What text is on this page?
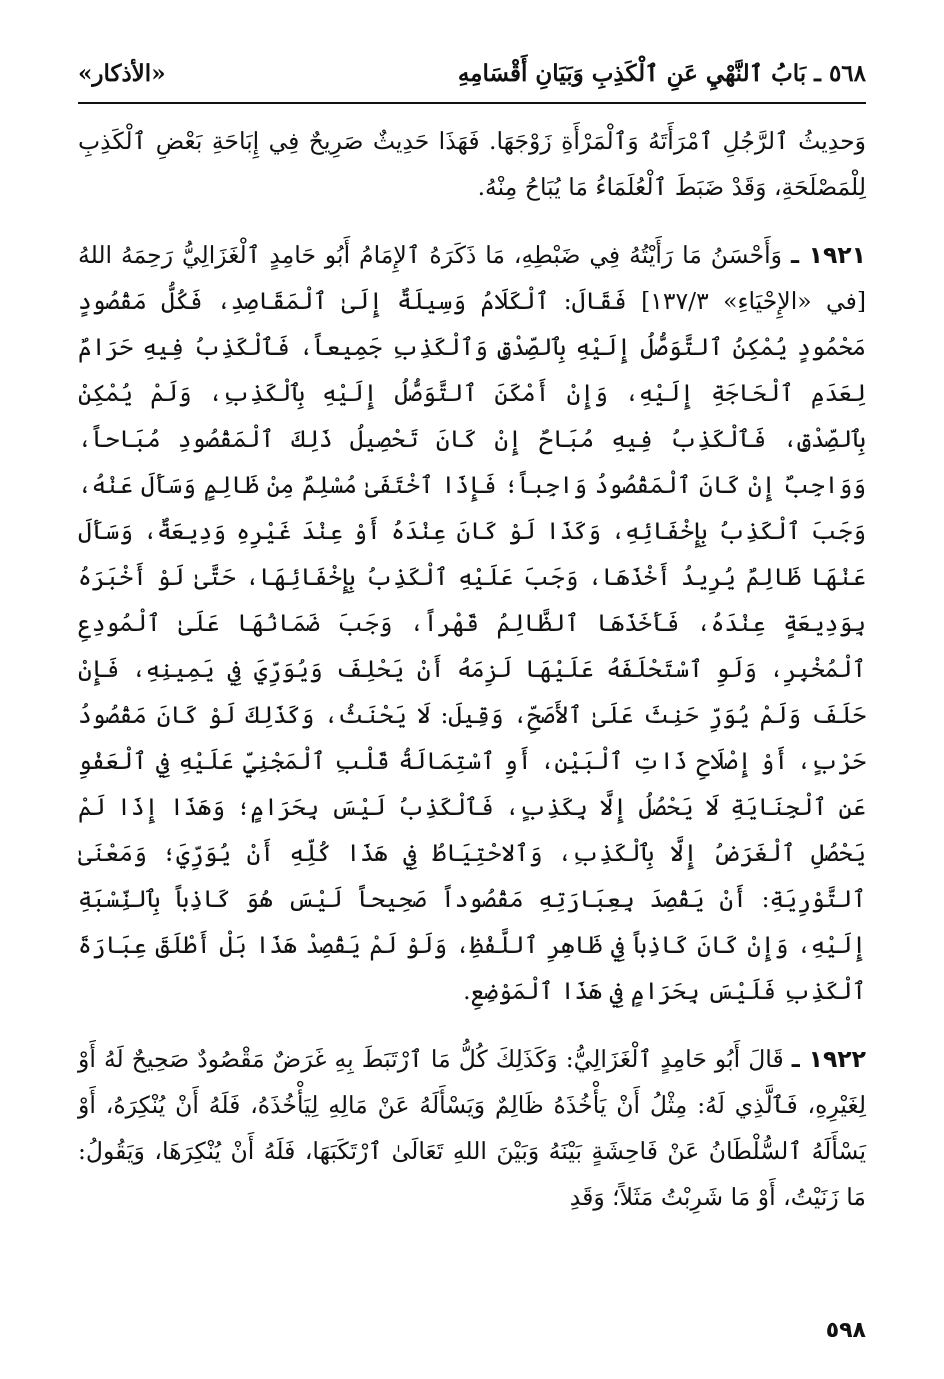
٥٦٨ ـ بَابُ ٱلنَّهْيِ عَنِ ٱلْكَذِبِ وَبَيَانِ أَقْسَامِهِ
«الأذكار»

وَحدِيثُ ٱلرَّجُلِ ٱمْرَأَتَهُ وَٱلْمَرْأَةِ زَوْجَهَا. فَهَذَا حَدِيثٌ صَرِيحٌ فِي إِبَاحَةِ بَعْضِ ٱلْكَذِبِ لِلْمَصْلَحَةِ، وَقَدْ ضَبَطَ ٱلْعُلَمَاءُ مَا يُبَاحُ مِنْهُ.

١٩٢١ ـ وَأَحْسَنُ مَا رَأَيْتُهُ فِي ضَبْطِهِ، مَا ذَكَرَهُ ٱلإِمَامُ أَبُو حَامِدٍ ٱلْغَزَالِيُّ رَحِمَهُ اللهُ [في «الإِحْيَاءِ» ١٣٧/٣] فَقَالَ: ٱلْكَلَامُ وَسِيلَةٌ إِلَىٰ ٱلْمَقَاصِدِ، فَكُلُّ مَقْصُودٍ مَحْمُودٍ يُمْكِنُ ٱلتَّوَصُّلُ إِلَيْهِ بِٱلصِّدْقِ وَٱلْكَذِبِ جَمِيعاً، فَٱلْكَذِبُ فِيهِ حَرَامٌ لِعَدَمِ ٱلْحَاجَةِ إِلَيْهِ، وَإِنْ أَمْكَنَ ٱلتَّوَصُّلُ إِلَيْهِ بِٱلْكَذِبِ، وَلَمْ يُمْكِنْ بِٱلصِّدْقِ، فَٱلْكَذِبُ فِيهِ مُبَاحٌ إِنْ كَانَ تَحْصِيلُ ذَلِكَ ٱلْمَقْصُودِ مُبَاحاً، وَوَاجِبٌ إِنْ كَانَ ٱلْمَقْصُودُ وَاجِباً؛ فَإِذَا ٱخْتَفَىٰ مُسْلِمٌ مِنْ ظَالِمٍ وَسَأَلَ عَنْهُ، وَجَبَ ٱلْكَذِبُ بِإِخْفَائِهِ، وَكَذَا لَوْ كَانَ عِنْدَهُ أَوْ عِنْدَ غَيْرِهِ وَدِيعَةٌ، وَسَأَلَ عَنْهَا ظَالِمٌ يُرِيدُ أَخْذَهَا، وَجَبَ عَلَيْهِ ٱلْكَذِبُ بِإِخْفَائِهَا، حَتَّىٰ لَوْ أَخْبَرَهُ بِوَدِيعَةٍ عِنْدَهُ، فَأَخَذَهَا ٱلظَّالِمُ قَهْراً، وَجَبَ ضَمَانُهَا عَلَىٰ ٱلْمُودِعِ ٱلْمُخْبِرِ، وَلَوِ ٱسْتَحْلَفَهُ عَلَيْهَا لَزِمَهُ أَنْ يَحْلِفَ وَيُوَرِّيَ فِي يَمِينِهِ، فَإِنْ حَلَفَ وَلَمْ يُوَرِّ حَنِثَ عَلَىٰ ٱلأَصَحِّ، وَقِيلَ: لَا يَحْنَثُ، وَكَذَلِكَ لَوْ كَانَ مَقْصُودُ حَرْبٍ، أَوْ إِصْلَاحِ ذَاتِ ٱلْبَيْنِ، أَوِ ٱسْتِمَالَةُ قَلْبِ ٱلْمَجْنِيِّ عَلَيْهِ فِي ٱلْعَفْوِ عَنِ ٱلْجِنَايَةِ لَا يَحْصُلُ إِلَّا بِكَذِبٍ، فَٱلْكَذِبُ لَيْسَ بِحَرَامٍ؛ وَهَذَا إِذَا لَمْ يَحْصُلِ ٱلْغَرَضُ إِلَّا بِٱلْكَذِبِ، وَٱلاحْتِيَاطُ فِي هَذَا كُلِّهِ أَنْ يُوَرِّيَ؛ وَمَعْنَىٰ ٱلتَّوْرِيَةِ: أَنْ يَقْصِدَ بِعِبَارَتِهِ مَقْصُوداً صَحِيحاً لَيْسَ هُوَ كَاذِباً بِٱلنِّسْبَةِ إِلَيْهِ، وَإِنْ كَانَ كَاذِباً فِي ظَاهِرِ ٱللَّفْظِ، وَلَوْ لَمْ يَقْصِدْ هَذَا بَلْ أَطْلَقَ عِبَارَةَ ٱلْكَذِبِ فَلَيْسَ بِحَرَامٍ فِي هَذَا ٱلْمَوْضِعِ.

١٩٢٢ ـ قَالَ أَبُو حَامِدٍ ٱلْغَزَالِيُّ: وَكَذَلِكَ كُلُّ مَا ٱرْتَبَطَ بِهِ غَرَضٌ مَقْصُودٌ صَحِيحٌ لَهُ أَوْ لِغَيْرِهِ، فَٱلَّذِي لَهُ: مِثْلُ أَنْ يَأْخُذَهُ ظَالِمٌ وَيَسْأَلَهُ عَنْ مَالِهِ لِيَأْخُذَهُ، فَلَهُ أَنْ يُنْكِرَهُ، أَوْ يَسْأَلَهُ ٱلسُّلْطَانُ عَنْ فَاحِشَةٍ بَيْنَهُ وَبَيْنَ اللهِ تَعَالَىٰ ٱرْتَكَبَهَا، فَلَهُ أَنْ يُنْكِرَهَا، وَيَقُولُ: مَا زَنَيْتُ، أَوْ مَا شَرِبْتُ مَثَلاً؛ وَقَدِ

٥٩٨
